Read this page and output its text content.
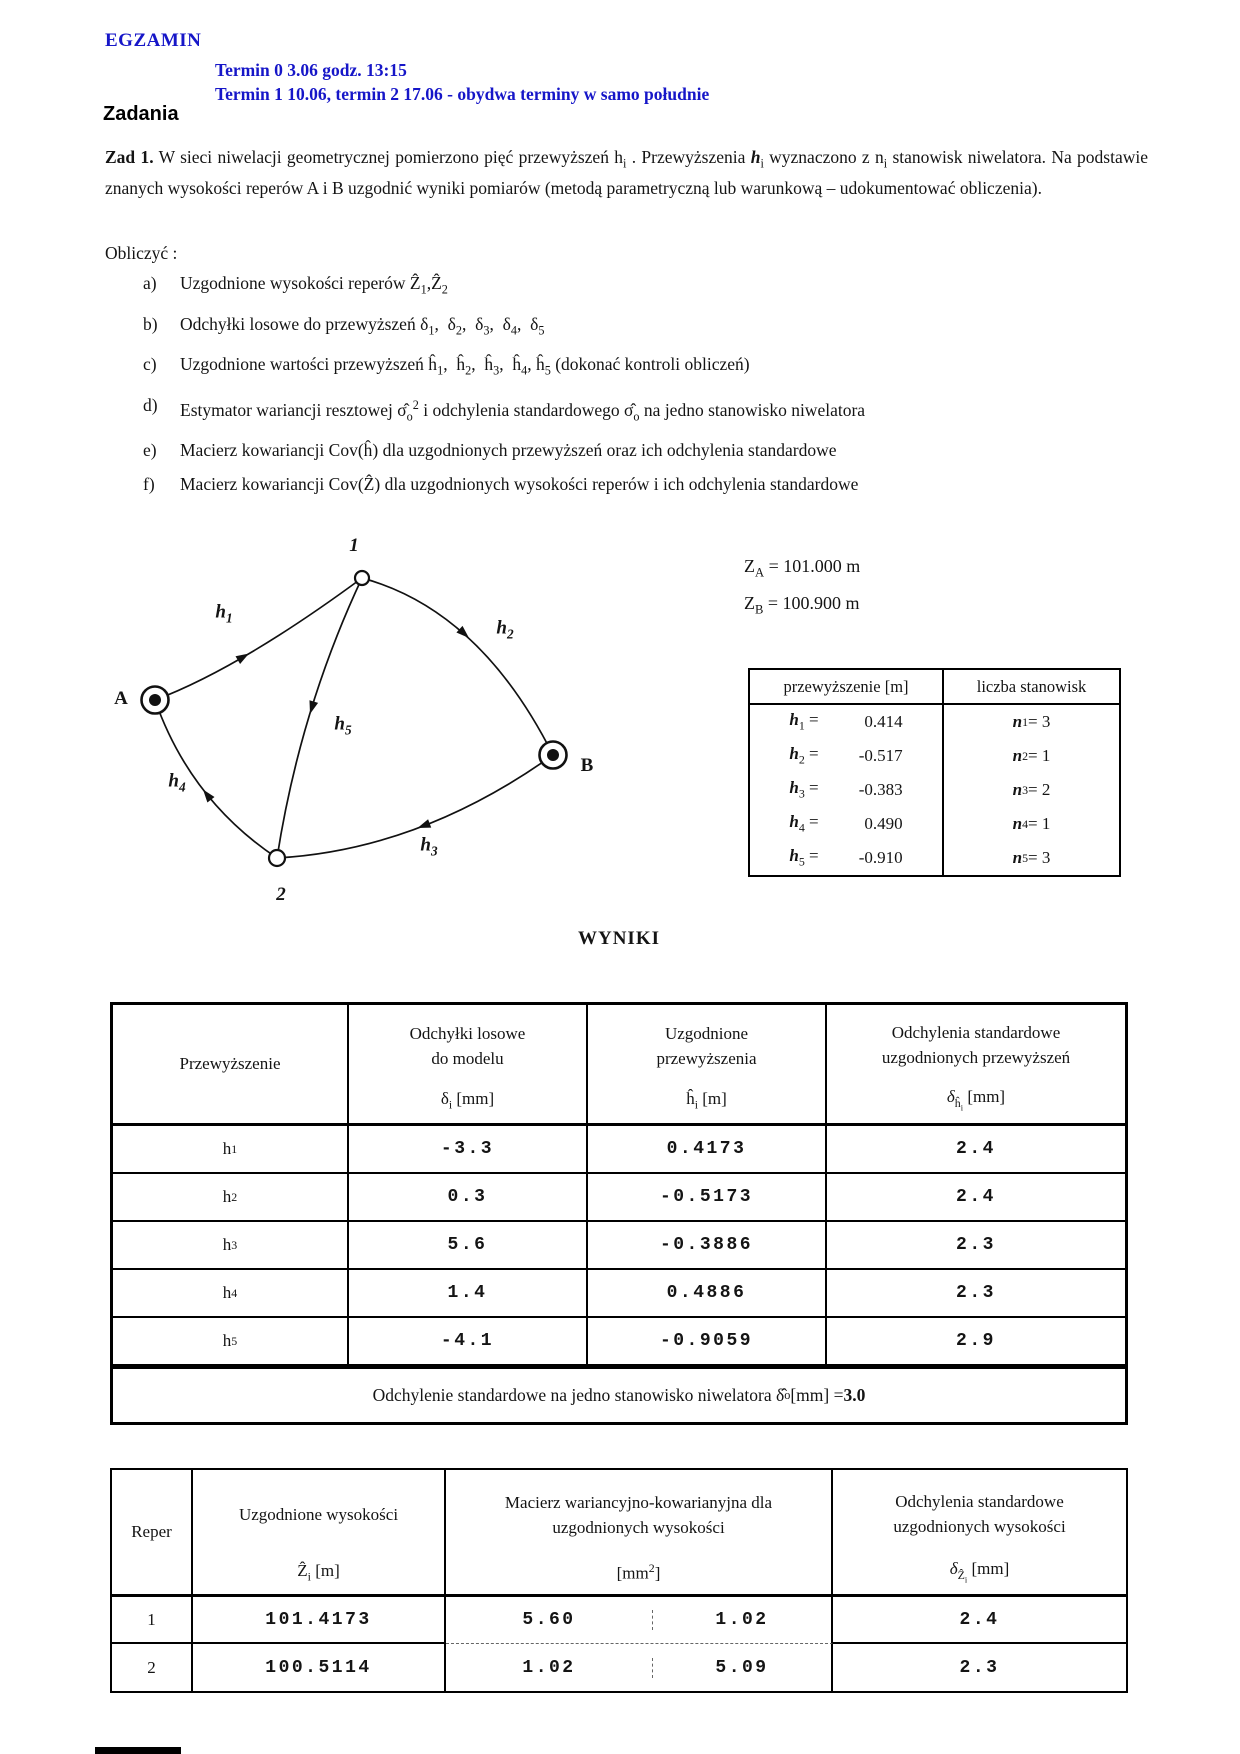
EGZAMIN
Termin 0 3.06 godz. 13:15
Termin 1 10.06, termin 2 17.06 - obydwa terminy w samo południe
Zadania
Zad 1. W sieci niwelacji geometrycznej pomierzono pięć przewyższeń $h_i$ . Przewyższenia $h_i$ wyznaczono z $n_i$ stanowisk niwelatora. Na podstawie znanych wysokości reperów A i B uzgodnić wyniki pomiarów (metodą parametryczną lub warunkową – udokumentować obliczenia).
Obliczyć :
a)	Uzgodnione wysokości reperów Ẑ$_1$,Ẑ$_2$
b)	Odchyłki losowe do przewyższeń $\delta_1$,  $\delta_2$,  $\delta_3$,  $\delta_4$,  $\delta_5$
c)	Uzgodnione wartości przewyższeń $ĥ_1$,  $ĥ_2$,  $ĥ_3$,  $ĥ_4$, $ĥ_5$ (dokonać kontroli obliczeń)
d)	Estymator wariancji resztowej $\sigmâ_o^2$ i odchylenia standardowego $\sigmâ_o$ na jedno stanowisko niwelatora
e)	Macierz kowariancji Cov(ĥ) dla uzgodnionych przewyższeń oraz ich odchylenia standardowe
f)	Macierz kowariancji Cov(Ẑ) dla uzgodnionych wysokości reperów i ich odchylenia standardowe
$h_1$	$h_2$
$h_3$
$h_4$
$h_5$
1
2
A
B
$Z_A = 101.000$ m
$Z_B = 100.900$ m
przewyższenie [m]	liczba stanowisk
$h_1$ =	0.414	n 1 = 3
$h_2$ =	-0.517	n 2 = 1
$h_3$ =	-0.383	n 3 = 2
$h_4$ =	0.490	n 4 = 1
$h_5$ =	-0.910	n 5 = 3
WYNIKI
Przewyższenie
Odchyłki losowe
do modelu
$\delta_i$ [mm]
Uzgodnione
przewyższenia
$ĥ_i$ [m]
Odchylenia standardowe
uzgodnionych przewyższeń
$\delta_{ĥ_i}$ [mm]
h 1	-3.3	0.4173	2.4
h 2	0.3	-0.5173	2.4
h 3	5.6	-0.3886	2.3
h 4	1.4	0.4886	2.3
h 5	-4.1	-0.9059	2.9
Odchylenie standardowe na jedno stanowisko niwelatora δ̂ o [mm] = 3.0
Reper
Uzgodnione wysokości
Ẑ$_i$ [m]
Macierz wariancyjno-kowarianyjna dla
uzgodnionych wysokości
$[mm^2]$
Odchylenia standardowe
uzgodnionych wysokości
$\delta_{Ẑ_i}$ [mm]
1	101.4173	5.60	1.02	2.4
2	100.5114	1.02	5.09	2.3
